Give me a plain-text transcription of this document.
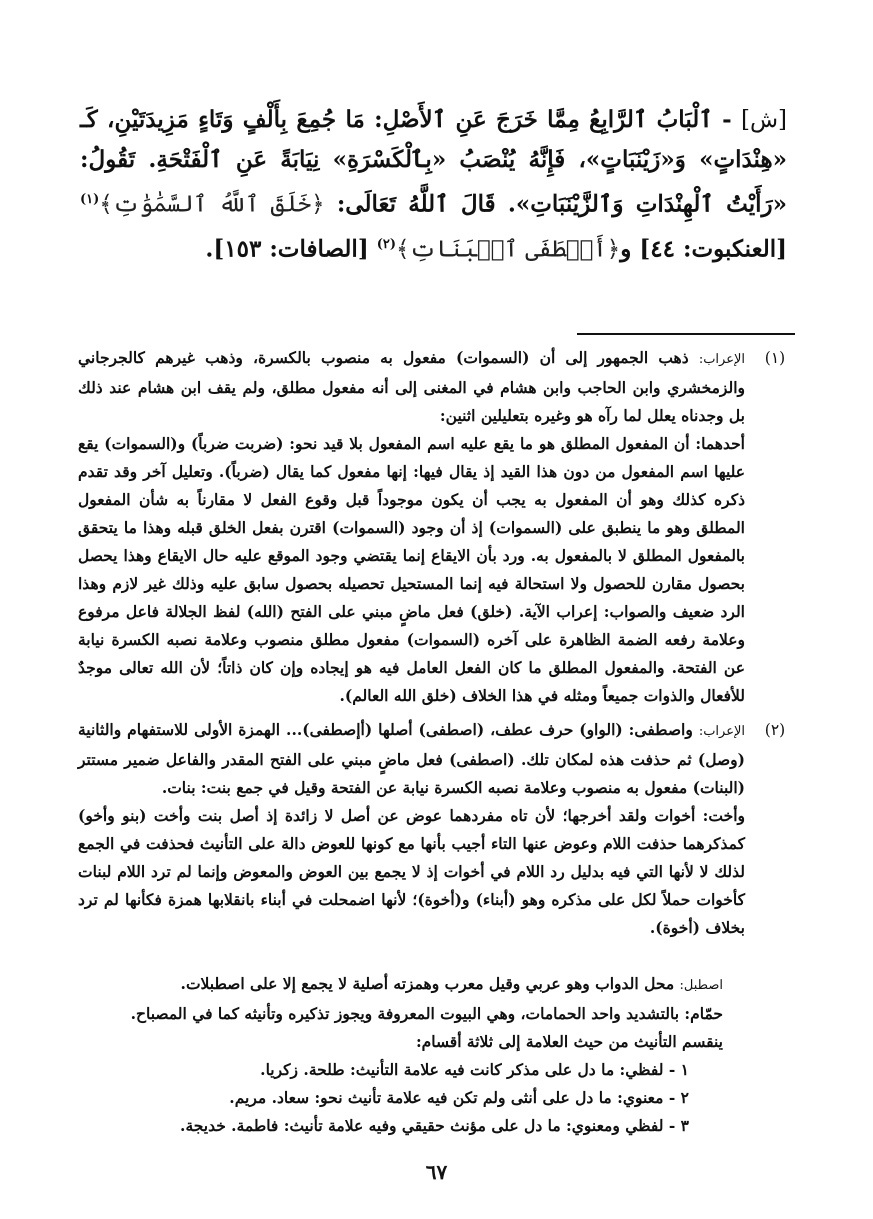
[ش] - ٱلْبَابُ ٱلرَّابِعُ مِمَّا خَرَجَ عَنِ ٱلأَصْلِ: مَا جُمِعَ بِأَلْفٍ وَتَاءٍ مَزِيدَتَيْنِ، كَـ «هِنْدَاتٍ» وَ«زَيْنَبَاتٍ»، فَإِنَّهُ يُنْصَبُ «بِٱلْكَسْرَةِ» نِيَابَةً عَنِ ٱلْفَتْحَةِ. تَقُولُ: «رَأَيْتُ ٱلْهِنْدَاتِ وَٱلزَّيْنَبَاتِ». قَالَ ٱللَّهُ تَعَالَى: ﴿خَلَقَ ٱللَّهُ ٱلسَّمَٰوَٰتِ﴾$^{(١)}$ [العنكبوت: ٤٤] و﴿أَصۡطَفَى ٱلۡبَنَاتِ﴾$^{(٢)}$ [الصافات: ١٥٣].
(١)

الإعراب: ذهب الجمهور إلى أن (السموات) مفعول به منصوب بالكسرة، وذهب غيرهم كالجرجاني والزمخشري وابن الحاجب وابن هشام في المغنى إلى أنه مفعول مطلق، ولم يقف ابن هشام عند ذلك بل وجدناه يعلل لما رآه هو وغيره بتعليلين اثنين:

أحدهما: أن المفعول المطلق هو ما يقع عليه اسم المفعول بلا قيد نحو: (ضربت ضرباً) و(السموات) يقع عليها اسم المفعول من دون هذا القيد إذ يقال فيها: إنها مفعول كما يقال (ضرباً). وتعليل آخر وقد تقدم ذكره كذلك وهو أن المفعول به يجب أن يكون موجوداً قبل وقوع الفعل لا مقارناً به شأن المفعول المطلق وهو ما ينطبق على (السموات) إذ أن وجود (السموات) اقترن بفعل الخلق قبله وهذا ما يتحقق بالمفعول المطلق لا بالمفعول به. ورد بأن الايقاع إنما يقتضي وجود الموقع عليه حال الايقاع وهذا يحصل بحصول مقارن للحصول ولا استحالة فيه إنما المستحيل تحصيله بحصول سابق عليه وذلك غير لازم وهذا الرد ضعيف والصواب: إعراب الآية. (خلق) فعل ماضٍ مبني على الفتح (الله) لفظ الجلالة فاعل مرفوع وعلامة رفعه الضمة الظاهرة على آخره (السموات) مفعول مطلق منصوب وعلامة نصبه الكسرة نيابة عن الفتحة. والمفعول المطلق ما كان الفعل العامل فيه هو إيجاده وإن كان ذاتاً؛ لأن الله تعالى موجدٌ للأفعال والذوات جميعاً ومثله في هذا الخلاف (خلق الله العالم).

(٢)

الإعراب: واصطفى: (الواو) حرف عطف، (اصطفى) أصلها (أإصطفى)... الهمزة الأولى للاستفهام والثانية (وصل) ثم حذفت هذه لمكان تلك. (اصطفى) فعل ماضٍ مبني على الفتح المقدر والفاعل ضمير مستتر (البنات) مفعول به منصوب وعلامة نصبه الكسرة نيابة عن الفتحة وقيل في جمع بنت: بنات.

وأخت: أخوات ولقد أخرجها؛ لأن تاه مفردهما عوض عن أصل لا زائدة إذ أصل بنت وأخت (بنو وأخو) كمذكرهما حذفت اللام وعوض عنها التاء أجيب بأنها مع كونها للعوض دالة على التأنيث فحذفت في الجمع لذلك لا لأنها التي فيه بدليل رد اللام في أخوات إذ لا يجمع بين العوض والمعوض وإنما لم ترد اللام لبنات كأخوات حملاً لكل على مذكره وهو (أبناء) و(أخوة)؛ لأنها اضمحلت في أبناء بانقلابها همزة فكأنها لم ترد بخلاف (أخوة).

اصطبل: محل الدواب وهو عربي وقيل معرب وهمزته أصلية لا يجمع إلا على اصطبلات.

حمّام: بالتشديد واحد الحمامات، وهي البيوت المعروفة ويجوز تذكيره وتأنيثه كما في المصباح.

ينقسم التأنيث من حيث العلامة إلى ثلاثة أقسام:

١ - لفظي: ما دل على مذكر كانت فيه علامة التأنيث: طلحة. زكريا.

٢ - معنوي: ما دل على أنثى ولم تكن فيه علامة تأنيث نحو: سعاد. مريم.

٣ - لفظي ومعنوي: ما دل على مؤنث حقيقي وفيه علامة تأنيث: فاطمة. خديجة.

٦٧
